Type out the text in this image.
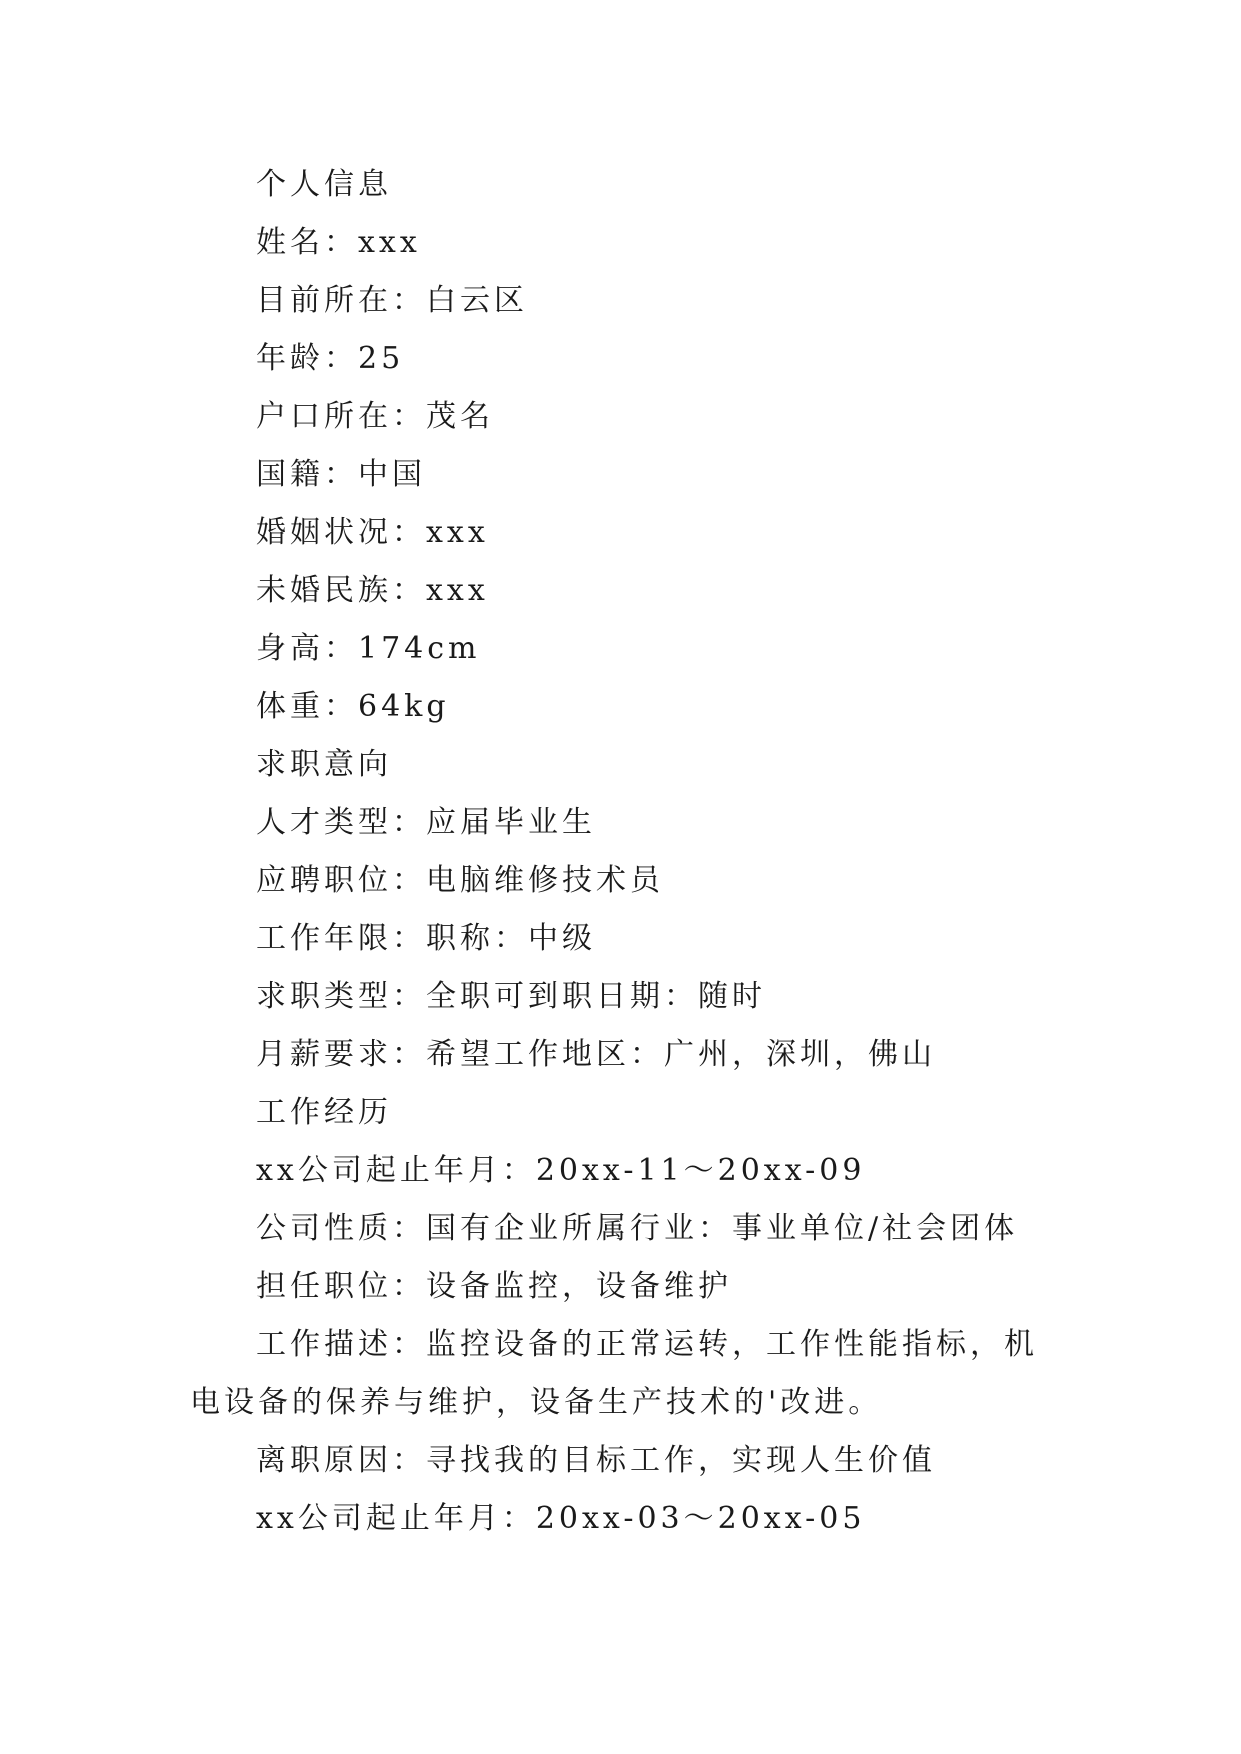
个人信息
姓名：xxx
目前所在：白云区
年龄：25
户口所在：茂名
国籍：中国
婚姻状况：xxx
未婚民族：xxx
身高：174cm
体重：64kg
求职意向
人才类型：应届毕业生
应聘职位：电脑维修技术员
工作年限：职称：中级
求职类型：全职可到职日期：随时
月薪要求：希望工作地区：广州，深圳，佛山
工作经历
xx公司起止年月：20xx-11～20xx-09
公司性质：国有企业所属行业：事业单位/社会团体
担任职位：设备监控，设备维护
工作描述：监控设备的正常运转，工作性能指标，机电设备的保养与维护，设备生产技术的'改进。
离职原因：寻找我的目标工作，实现人生价值
xx公司起止年月：20xx-03～20xx-05
